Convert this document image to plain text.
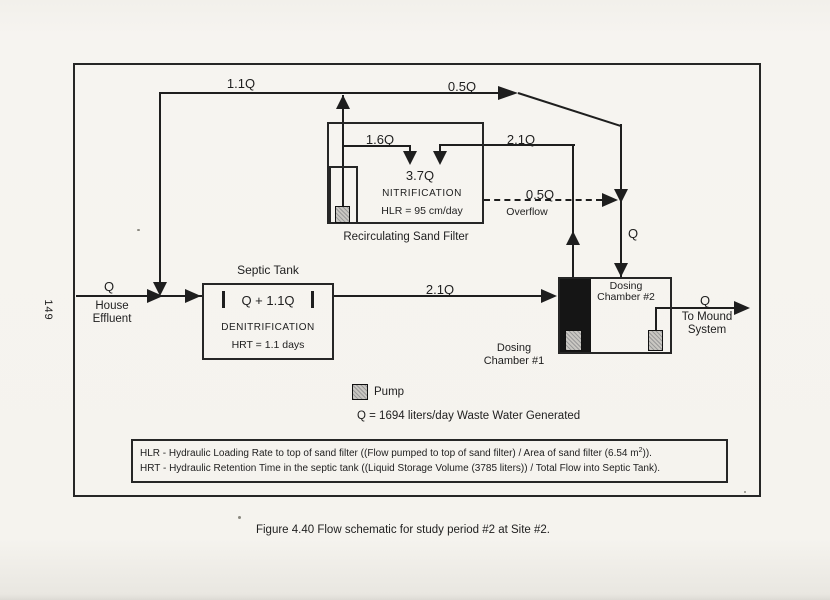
149
3.7Q
NITRIFICATION
HLR = 95 cm/day
Recirculating Sand Filter
Septic Tank
Q + 1.1Q
DENITRIFICATION
HRT = 1.1 days
Dosing
Chamber #2
Dosing
Chamber #1
1.1Q	0.5Q
1.6Q	2.1Q
0.5Q
Overflow
Q
Q	2.1Q
Q
House
Effluent	To Mound
System
Pump
Q = 1694 liters/day Waste Water Generated
HLR - Hydraulic Loading Rate to top of sand filter ((Flow pumped to top of sand filter) / Area of sand filter (6.54 $m^2$)).
HRT - Hydraulic Retention Time in the septic tank ((Liquid Storage Volume (3785 liters)) / Total Flow into Septic Tank).
Figure 4.40 Flow schematic for study period #2 at Site #2.
